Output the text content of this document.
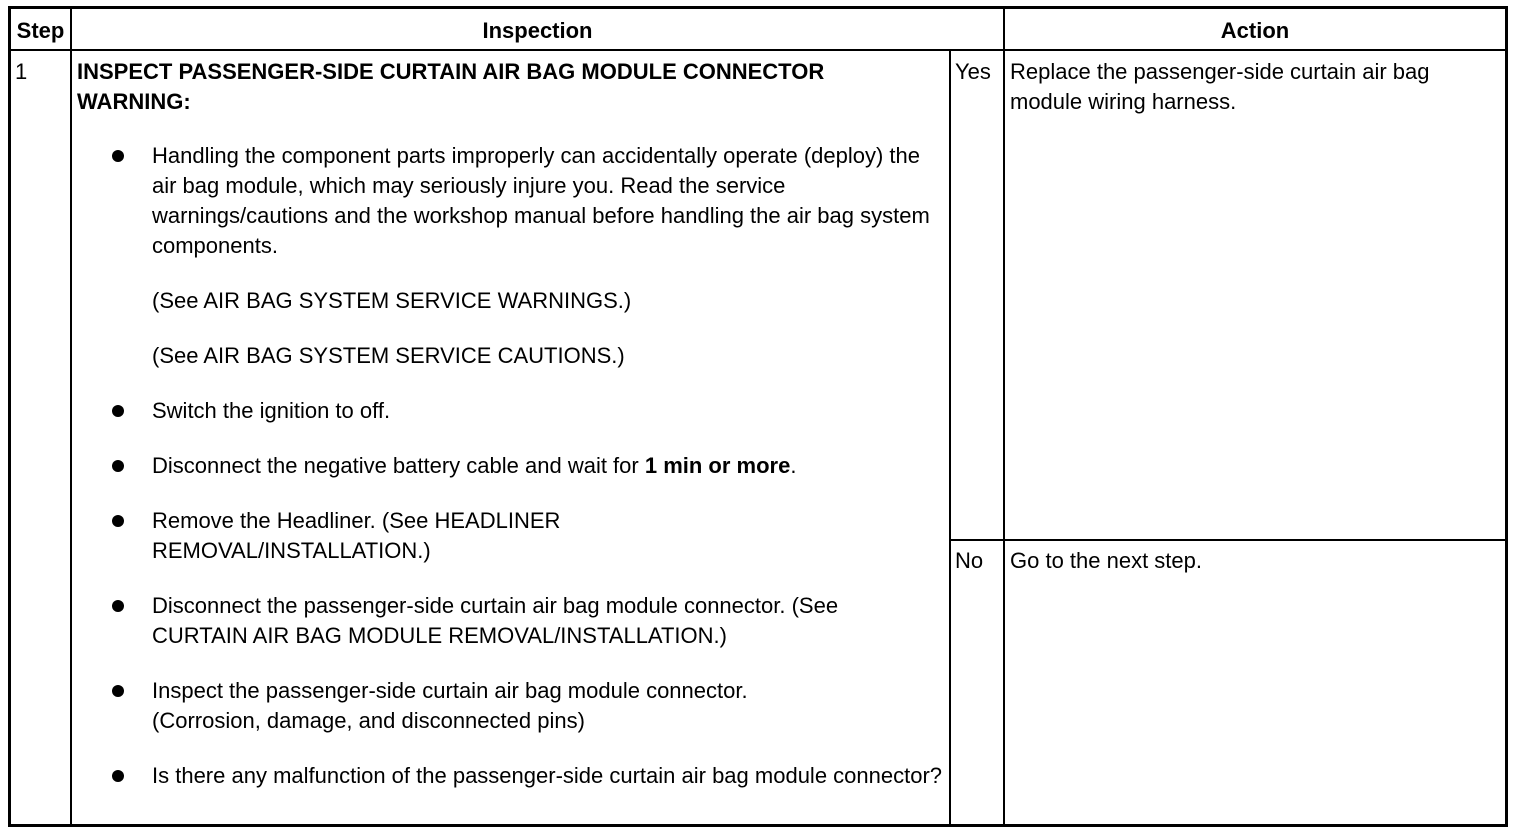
Step	Inspection	Action
1 INSPECT PASSENGER-SIDE CURTAIN AIR BAG MODULE CONNECTOR
WARNING:
Handling the component parts improperly can accidentally operate (deploy) the air bag module, which may seriously injure you. Read the service warnings/cautions and the workshop manual before handling the air bag system components.
(See AIR BAG SYSTEM SERVICE WARNINGS.)
(See AIR BAG SYSTEM SERVICE CAUTIONS.)
Switch the ignition to off.
Disconnect the negative battery cable and wait for 1 min or more.
Remove the Headliner. (See HEADLINER REMOVAL/INSTALLATION.)
Disconnect the passenger-side curtain air bag module connector. (See CURTAIN AIR BAG MODULE REMOVAL/INSTALLATION.)
Inspect the passenger-side curtain air bag module connector. (Corrosion, damage, and disconnected pins)
Is there any malfunction of the passenger-side curtain air bag module connector?
Yes Replace the passenger-side curtain air bag module wiring harness.
No Go to the next step.
